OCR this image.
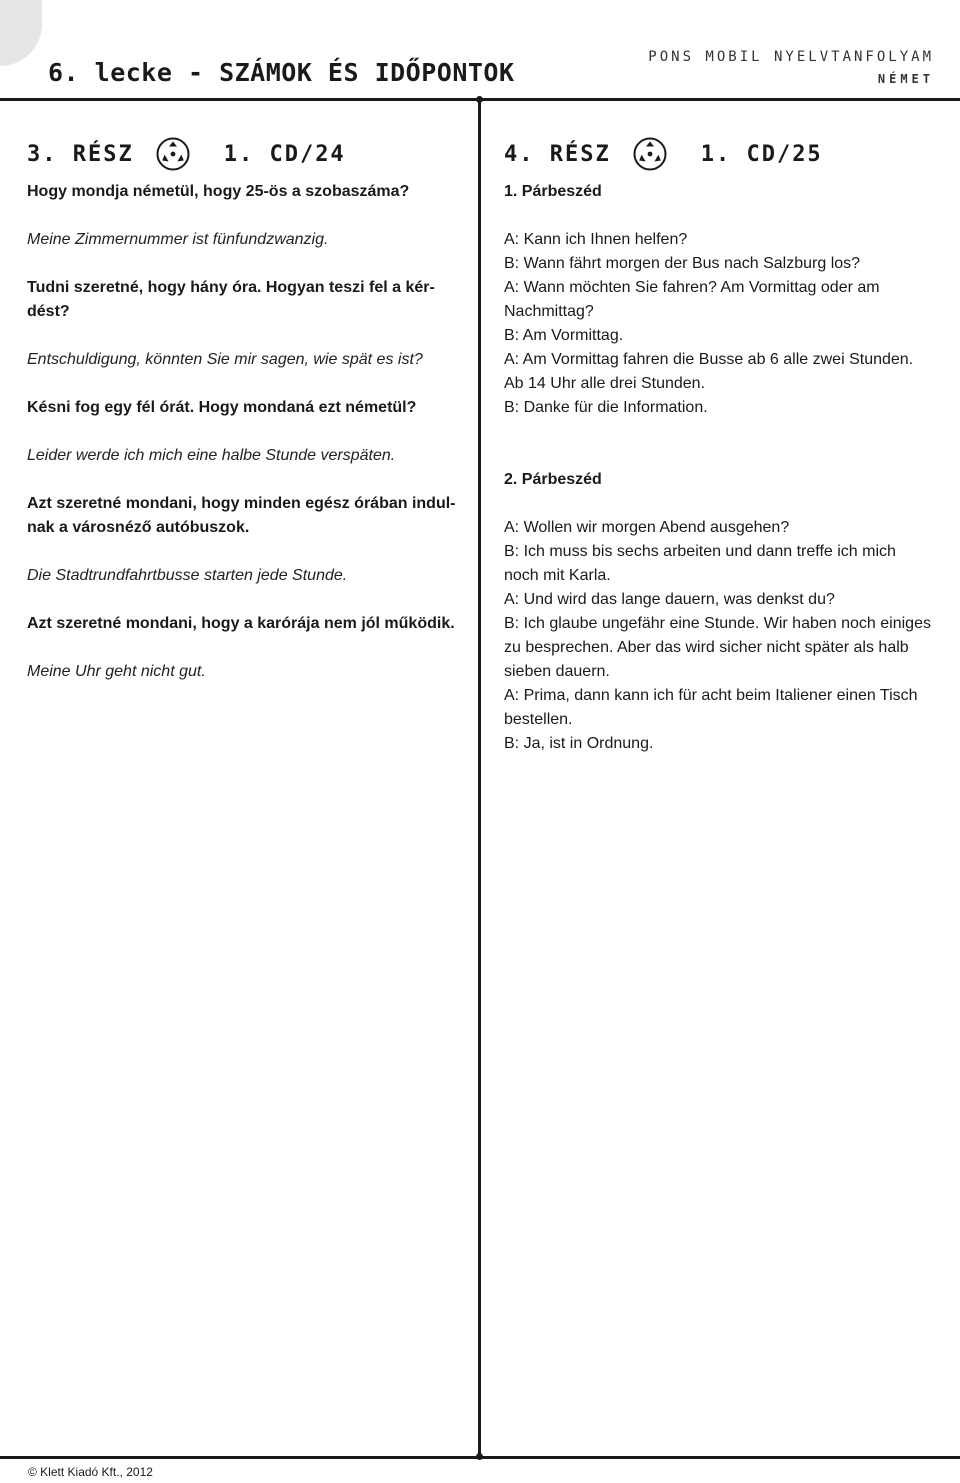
6. lecke - SZÁMOK ÉS IDŐPONTOK
PONS MOBIL NYELVTANFOLYAM
NÉMET
3. RÉSZ	1. CD/24

Hogy mondja németül, hogy 25-ös a szobaszáma?

Meine Zimmernummer ist fünfundzwanzig.

Tudni szeretné, hogy hány óra. Hogyan teszi fel a kér-dést?

Entschuldigung, könnten Sie mir sagen, wie spät es ist?

Késni fog egy fél órát. Hogy mondaná ezt németül?

Leider werde ich mich eine halbe Stunde verspäten.

Azt szeretné mondani, hogy minden egész órában indul-nak a városnéző autóbuszok.

Die Stadtrundfahrtbusse starten jede Stunde.

Azt szeretné mondani, hogy a karórája nem jól működik.

Meine Uhr geht nicht gut.

4. RÉSZ	1. CD/25
1. Párbeszéd
A: Kann ich Ihnen helfen?
B: Wann fährt morgen der Bus nach Salzburg los?
A: Wann möchten Sie fahren? Am Vormittag oder am Nachmittag?
B: Am Vormittag.
A: Am Vormittag fahren die Busse ab 6 alle zwei Stunden. Ab 14 Uhr alle drei Stunden.
B: Danke für die Information.
2. Párbeszéd
A: Wollen wir morgen Abend ausgehen?
B: Ich muss bis sechs arbeiten und dann treffe ich mich noch mit Karla.
A: Und wird das lange dauern, was denkst du?
B: Ich glaube ungefähr eine Stunde. Wir haben noch einiges zu besprechen. Aber das wird sicher nicht später als halb sieben dauern.
A: Prima, dann kann ich für acht beim Italiener einen Tisch bestellen.
B: Ja, ist in Ordnung.
© Klett Kiadó Kft., 2012
